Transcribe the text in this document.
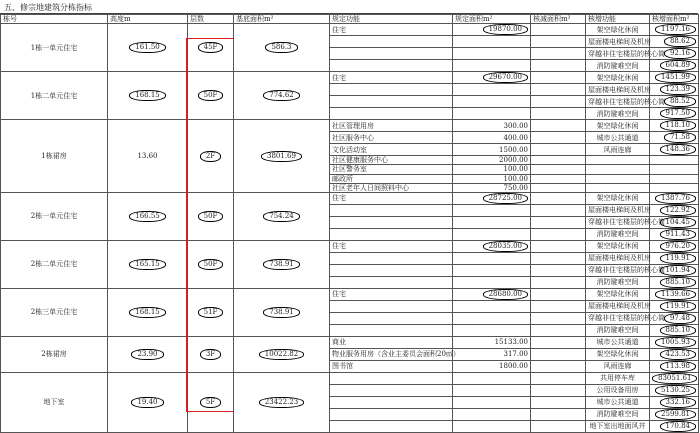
五、修宗地建筑分栋指标
栋号	高度m	层数	基底面积m²	规定功能	规定面积m²	核减面积m²	核增功能	核增面积m²
1栋一单元住宅	161.50	45F	586.3	住宅	19870.00		架空绿化休闲	1197.16
							屋面楼电梯间及机房	88.62
							穿越非住宅楼层的核心筒	92.16
							消防避难空间	604.89
1栋二单元住宅	168.15	50F	774.62	住宅	29670.00		架空绿化休闲	1451.99
							屋面楼电梯间及机房	123.39
							穿越非住宅楼层的核心筒	88.52
							消防避难空间	917.50
1栋裙房	13.60	2F	3801.69	社区管理用房	300.00		架空绿化休闲	118.10
				社区服务中心	400.00		城市公共通道	71.58
				文化活动室	1500.00		风雨连廊	148.36
				社区健康服务中心	2000.00			
				社区警务室	100.00			
				邮政所	100.00			
				社区老年人日间照料中心	750.00			
2栋一单元住宅	166.55	50F	754.24	住宅	28725.00		架空绿化休闲	1387.76
							屋面楼电梯间及机房	122.92
							穿越非住宅楼层的核心筒	104.45
							消防避难空间	911.43
2栋二单元住宅	165.15	50F	738.91	住宅	28035.00		架空绿化休闲	976.20
							屋面楼电梯间及机房	119.91
							穿越非住宅楼层的核心筒	101.94
							消防避难空间	885.10
2栋三单元住宅	168.15	51F	738.91	住宅	28680.00		架空绿化休闲	1139.66
							屋面楼电梯间及机房	119.91
							穿越非住宅楼层的核心筒	97.48
							消防避难空间	885.10
2栋裙房	23.90	3F	10022.82	商业	15133.00		城市公共通道	1005.93
				物业服务用房（含业主委员会面积20㎡）	317.00		架空绿化休闲	423.53
				图书馆	1800.00		风雨连廊	113.98
地下室	19.40	5F	23422.23				共用停车库	83051.61
							公用设备用房	5130.25
							城市公共通道	332.16
							消防避难空间	2599.81
							地下室出地面风井	170.84
